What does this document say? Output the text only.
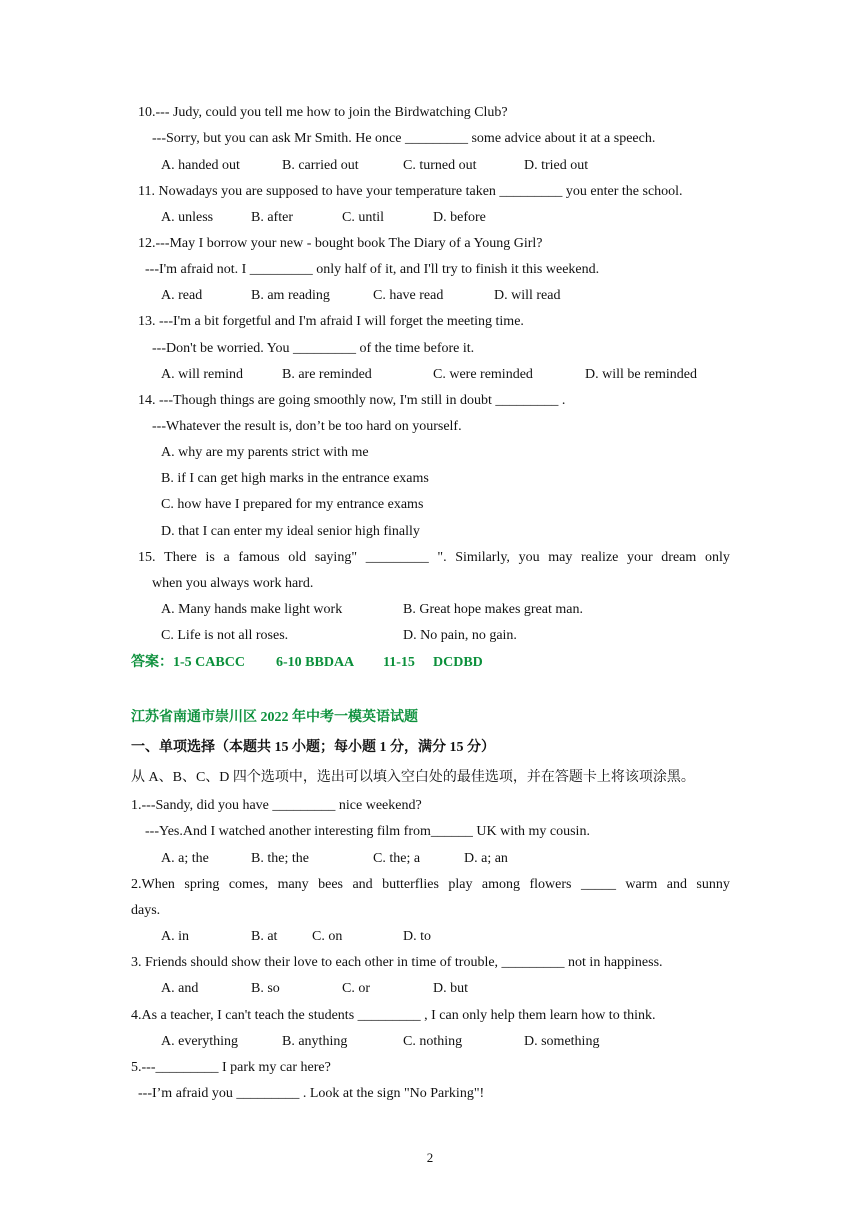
10.--- Judy, could you tell me how to join the Birdwatching Club?
---Sorry, but you can ask Mr Smith. He once _________ some advice about it at a speech.
A. handed out	B. carried out	C. turned out	D. tried out
11. Nowadays you are supposed to have your temperature taken _________ you enter the school.
A. unless	B. after	C. until	D. before
12.---May I borrow your new - bought book The Diary of a Young Girl?
---I'm afraid not. I _________ only half of it, and I'll try to finish it this weekend.
A. read	B. am reading	C. have read	D. will read
13. ---I'm a bit forgetful and I'm afraid I will forget the meeting time.
---Don't be worried. You _________ of the time before it.
A. will remind	B. are reminded	C. were reminded	D. will be reminded
14. ---Though things are going smoothly now, I'm still in doubt _________ .
---Whatever the result is, don’t be too hard on yourself.
A. why are my parents strict with me
B. if I can get high marks in the entrance exams
C. how have I prepared for my entrance exams
D. that I can enter my ideal senior high finally
15. There is a famous old saying" _________ ". Similarly, you may realize your dream only
when you always work hard.
A. Many hands make light work	B. Great hope makes great man.
C. Life is not all roses.	D. No pain, no gain.
答案：1-5 CABCC 6-10 BBDAA 11-15 DCDBD
江苏省南通市崇川区 2022 年中考一模英语试题
一、单项选择（本题共 15 小题；每小题 1 分，满分 15 分）
从 A、B、C、D 四个选项中，选出可以填入空白处的最佳选项，并在答题卡上将该项涂黑。
1.---Sandy, did you have _________ nice weekend?
---Yes.And I watched another interesting film from______ UK with my cousin.
A. a; the	B. the; the	C. the; a	D. a; an
2.When spring comes, many bees and butterflies play among flowers _____ warm and sunny
days.
A. in	B. at C. on	D. to
3. Friends should show their love to each other in time of trouble, _________ not in happiness.
A. and	B. so	C. or	D. but
4.As a teacher, I can't teach the students _________ , I can only help them learn how to think.
A. everything	B. anything	C. nothing	D. something
5.---_________ I park my car here?
---I’m afraid you _________ . Look at the sign "No Parking"!
2
